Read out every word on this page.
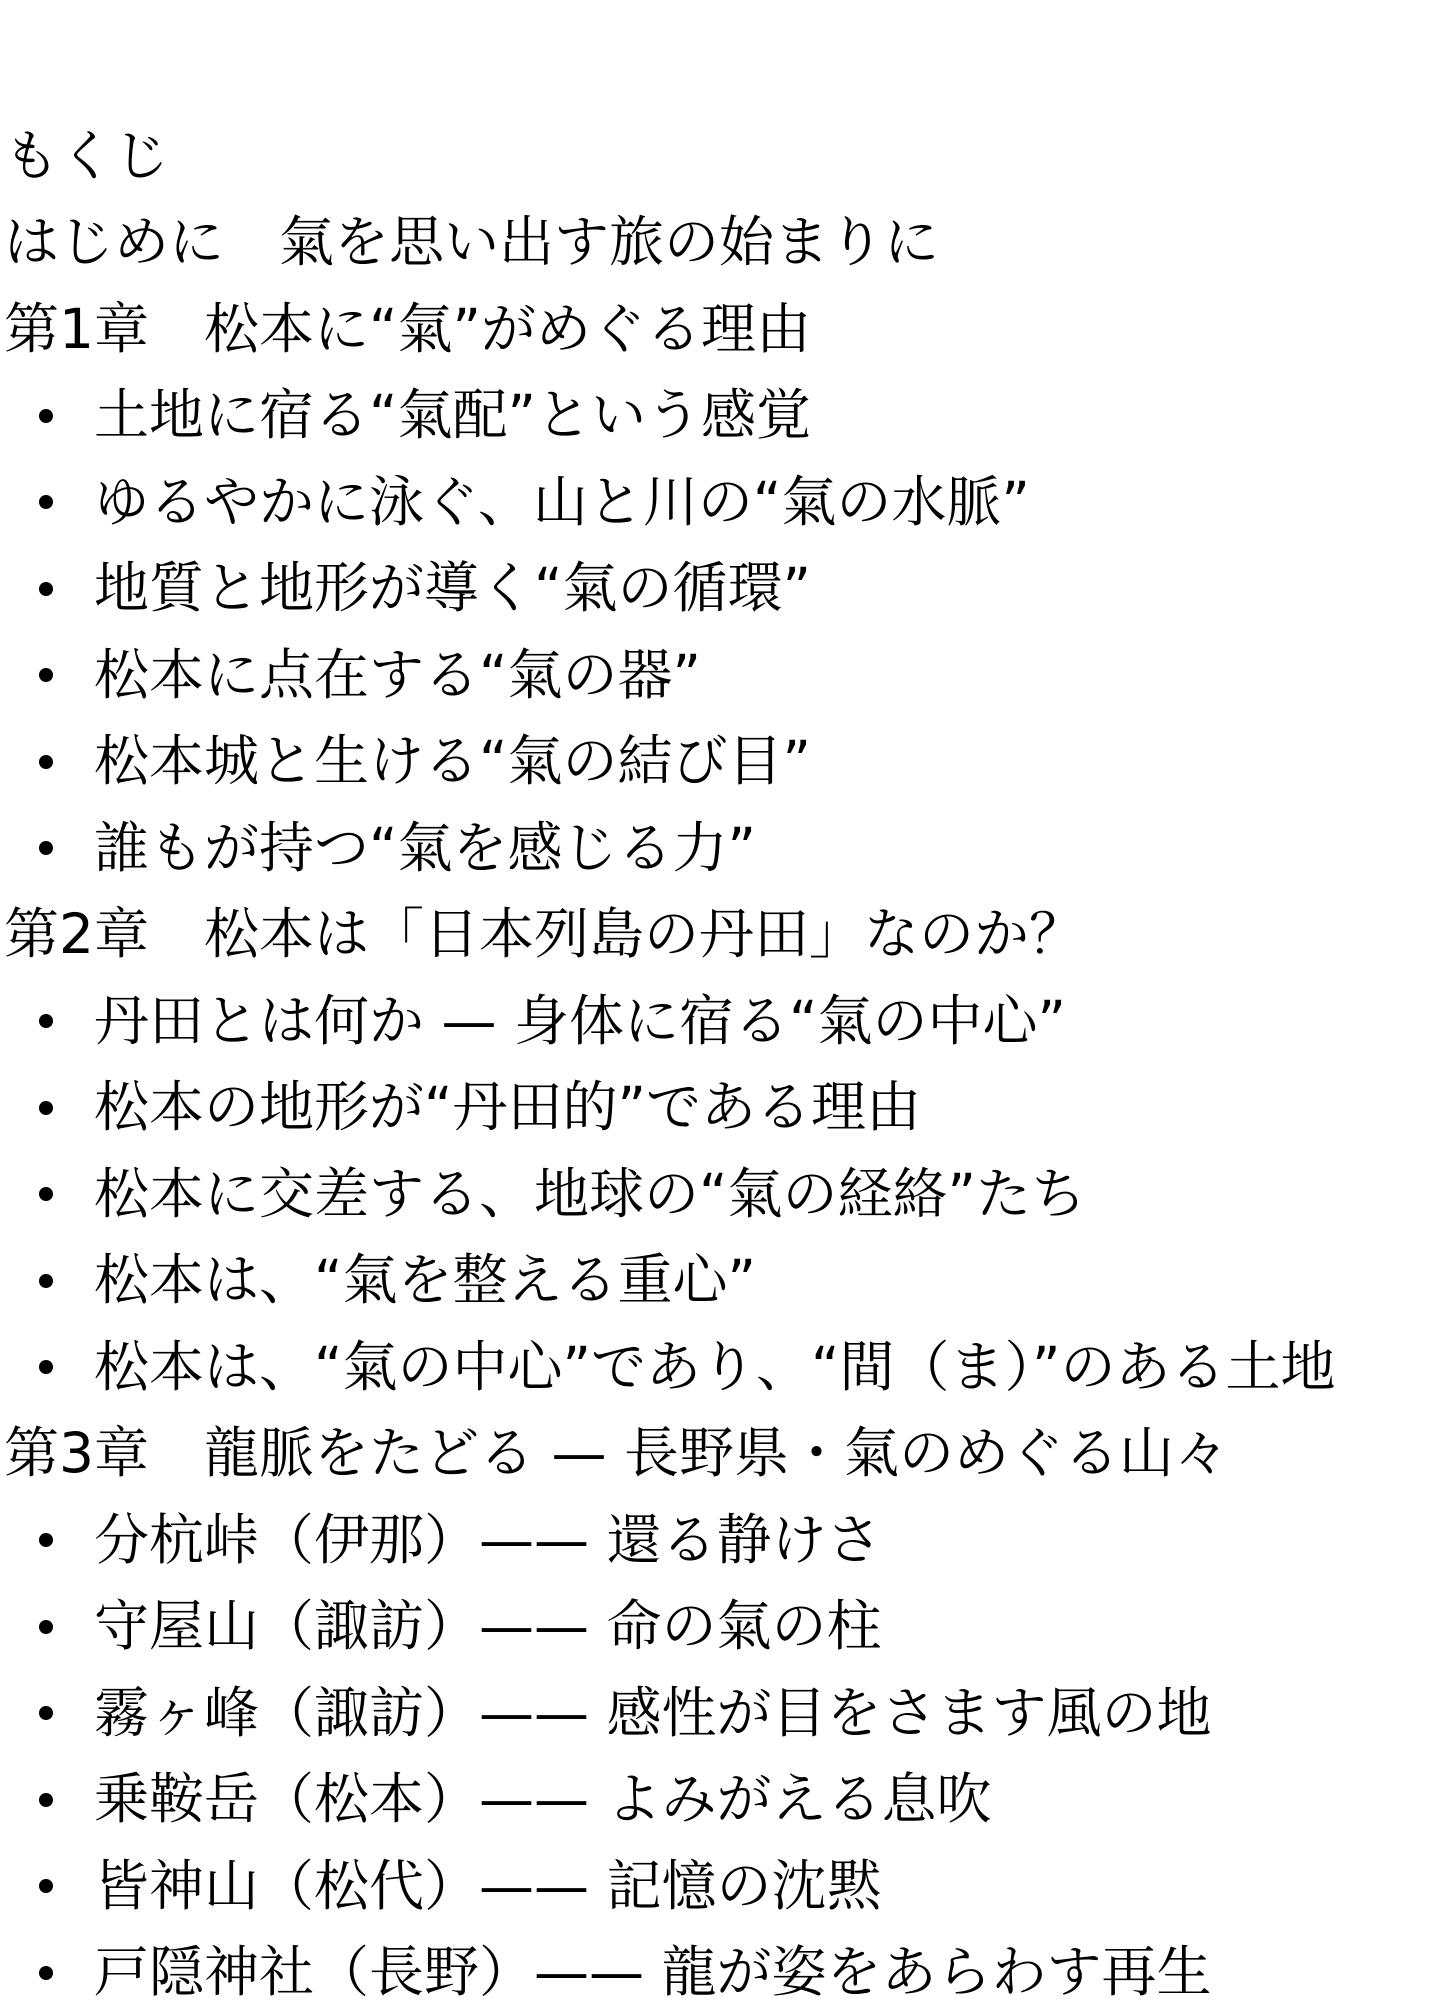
もくじ
はじめに　氣を思い出す旅の始まりに
第1章　松本に“氣”がめぐる理由
土地に宿る“氣配”という感覚
ゆるやかに泳ぐ、山と川の“氣の水脈”
地質と地形が導く“氣の循環”
松本に点在する“氣の器”
松本城と生ける“氣の結び目”
誰もが持つ“氣を感じる力”
第2章　松本は「日本列島の丹田」なのか？
丹田とは何か — 身体に宿る“氣の中心”
松本の地形が“丹田的”である理由
松本に交差する、地球の“氣の経絡”たち
松本は、“氣を整える重心”
松本は、“氣の中心”であり、“間（ま）”のある土地
第3章　龍脈をたどる — 長野県・氣のめぐる山々
分杭峠（伊那）—— 還る静けさ
守屋山（諏訪）—— 命の氣の柱
霧ヶ峰（諏訪）—— 感性が目をさます風の地
乗鞍岳（松本）—— よみがえる息吹
皆神山（松代）—— 記憶の沈黙
戸隠神社（長野）—— 龍が姿をあらわす再生
